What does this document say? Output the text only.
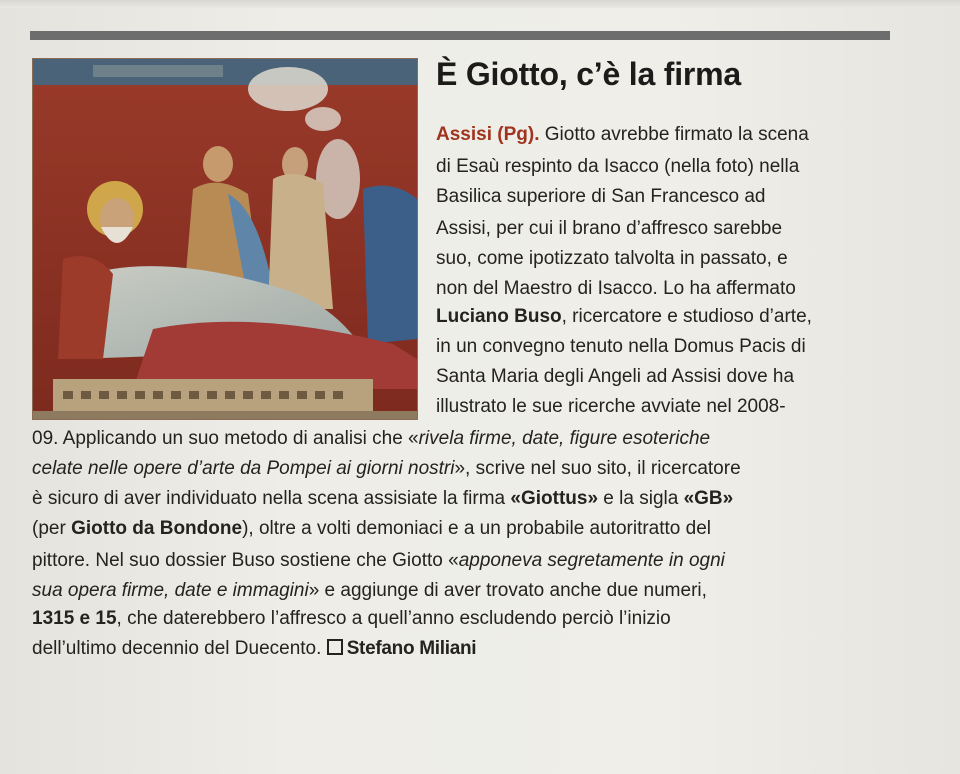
È Giotto, c’è la firma
Assisi (Pg). Giotto avrebbe firmato la scena
di Esaù respinto da Isacco (nella foto) nella
Basilica superiore di San Francesco ad
Assisi, per cui il brano d’affresco sarebbe
suo, come ipotizzato talvolta in passato, e
non del Maestro di Isacco. Lo ha affermato
Luciano Buso, ricercatore e studioso d’arte,
in un convegno tenuto nella Domus Pacis di
Santa Maria degli Angeli ad Assisi dove ha
illustrato le sue ricerche avviate nel 2008-
09. Applicando un suo metodo di analisi che «rivela firme, date, figure esoteriche
celate nelle opere d’arte da Pompei ai giorni nostri», scrive nel suo sito, il ricercatore
è sicuro di aver individuato nella scena assisiate la firma «Giottus» e la sigla «GB»
(per Giotto da Bondone), oltre a volti demoniaci e a un probabile autoritratto del
pittore. Nel suo dossier Buso sostiene che Giotto «apponeva segretamente in ogni
sua opera firme, date e immagini» e aggiunge di aver trovato anche due numeri,
1315 e 15, che daterebbero l’affresco a quell’anno escludendo perciò l’inizio
dell’ultimo decennio del Duecento. Stefano Miliani
